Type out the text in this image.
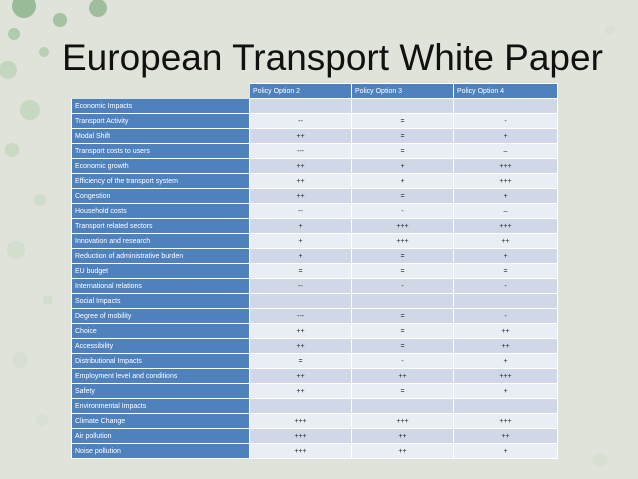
European Transport White Paper
	Policy Option 2	Policy Option 3	Policy Option 4
Economic Impacts			
Transport Activity	--	=	-
Modal Shift	++	=	+
Transport costs to users	---	=	–
Economic growth	++	+	+++
Efficiency of the transport system	++	+	+++
Congestion	++	=	+
Household costs	--	-	–
Transport related sectors	+	+++	+++
Innovation and research	+	+++	++
Reduction of administrative burden	+	=	+
EU budget	=	=	=
International relations	--	-	-
Social Impacts			
Degree of mobility	---	=	-
Choice	++	=	++
Accessibility	++	=	++
Distributional Impacts	=	-	+
Employment level and conditions	++	++	+++
Safety	++	=	+
Environmental Impacts			
Climate Change	+++	+++	+++
Air pollution	+++	++	++
Noise pollution	+++	++	+
